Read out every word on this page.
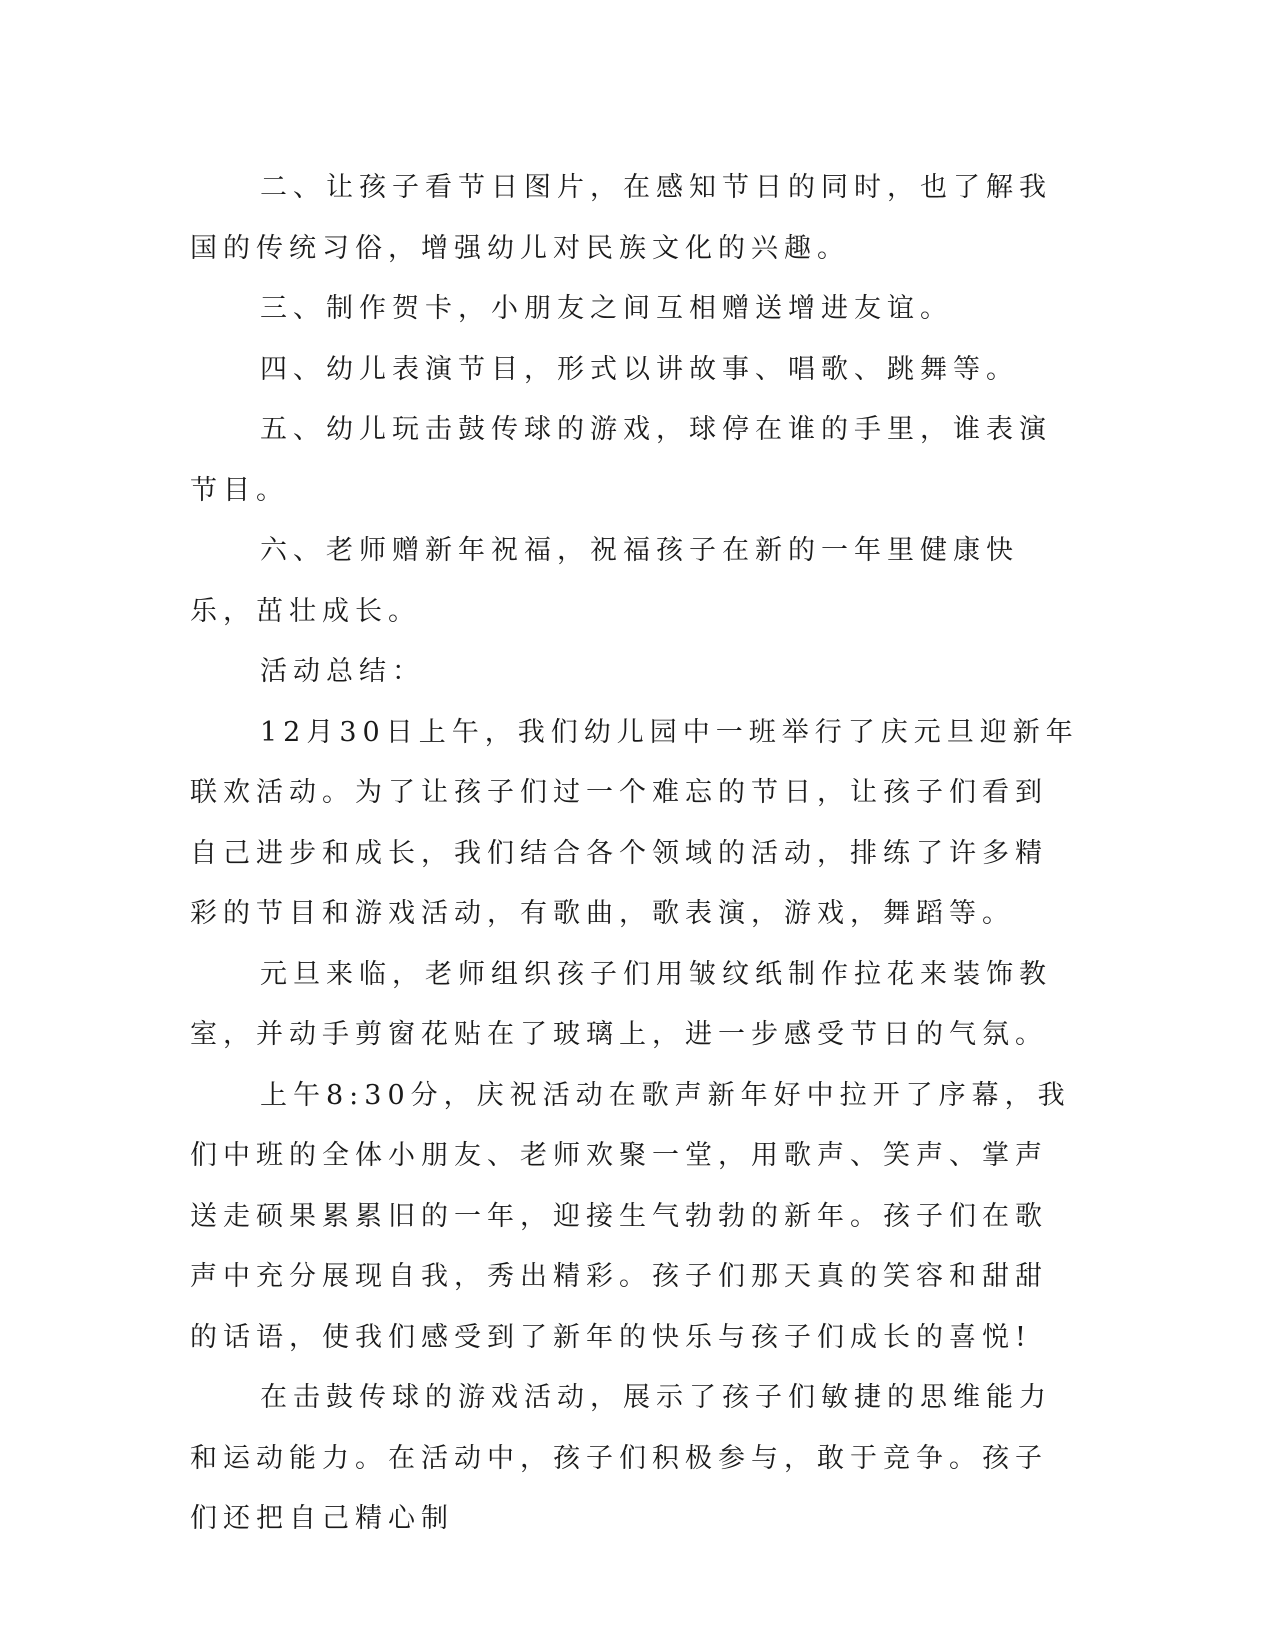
二、让孩子看节日图片，在感知节日的同时，也了解我国的传统习俗，增强幼儿对民族文化的兴趣。

三、制作贺卡，小朋友之间互相赠送增进友谊。

四、幼儿表演节目，形式以讲故事、唱歌、跳舞等。

五、幼儿玩击鼓传球的游戏，球停在谁的手里，谁表演节目。

六、老师赠新年祝福，祝福孩子在新的一年里健康快乐，茁壮成长。

活动总结：

12月30日上午，我们幼儿园中一班举行了庆元旦迎新年联欢活动。为了让孩子们过一个难忘的节日，让孩子们看到自己进步和成长，我们结合各个领域的活动，排练了许多精彩的节目和游戏活动，有歌曲，歌表演，游戏，舞蹈等。

元旦来临，老师组织孩子们用皱纹纸制作拉花来装饰教室，并动手剪窗花贴在了玻璃上，进一步感受节日的气氛。

上午8:30分，庆祝活动在歌声新年好中拉开了序幕，我们中班的全体小朋友、老师欢聚一堂，用歌声、笑声、掌声送走硕果累累旧的一年，迎接生气勃勃的新年。孩子们在歌声中充分展现自我，秀出精彩。孩子们那天真的笑容和甜甜的话语，使我们感受到了新年的快乐与孩子们成长的喜悦!

在击鼓传球的游戏活动，展示了孩子们敏捷的思维能力和运动能力。在活动中，孩子们积极参与，敢于竞争。孩子们还把自己精心制
